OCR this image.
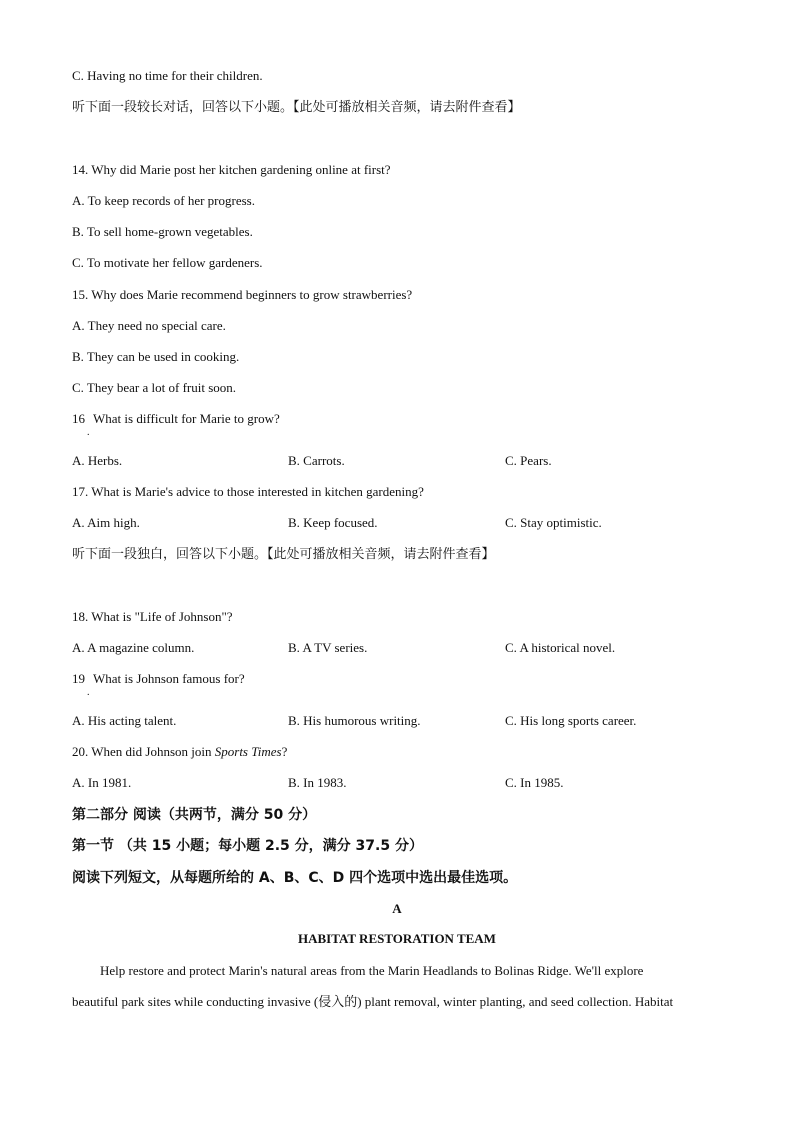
C. Having no time for their children.
听下面一段较长对话，回答以下小题。【此处可播放相关音频，请去附件查看】
14. Why did Marie post her kitchen gardening online at first?
A. To keep records of her progress.
B. To sell home-grown vegetables.
C. To motivate her fellow gardeners.
15. Why does Marie recommend beginners to grow strawberries?
A. They need no special care.
B. They can be used in cooking.
C. They bear a lot of fruit soon.
16 What is difficult for Marie to grow?
.
A. Herbs.	B. Carrots.	C. Pears.
17. What is Marie's advice to those interested in kitchen gardening?
A. Aim high.	B. Keep focused.	C. Stay optimistic.
听下面一段独白，回答以下小题。【此处可播放相关音频，请去附件查看】
18. What is "Life of Johnson"?
A. A magazine column.	B. A TV series.	C. A historical novel.
19 What is Johnson famous for?
.
A. His acting talent.	B. His humorous writing.	C. His long sports career.
20. When did Johnson join Sports Times?
A. In 1981.	B. In 1983.	C. In 1985.
第二部分 阅读（共两节，满分 50 分）
第一节 （共 15 小题；每小题 2.5 分，满分 37.5 分）
阅读下列短文，从每题所给的 A、B、C、D 四个选项中选出最佳选项。
A
HABITAT RESTORATION TEAM
Help restore and protect Marin's natural areas from the Marin Headlands to Bolinas Ridge. We'll explore
beautiful park sites while conducting invasive (侵入的) plant removal, winter planting, and seed collection. Habitat
